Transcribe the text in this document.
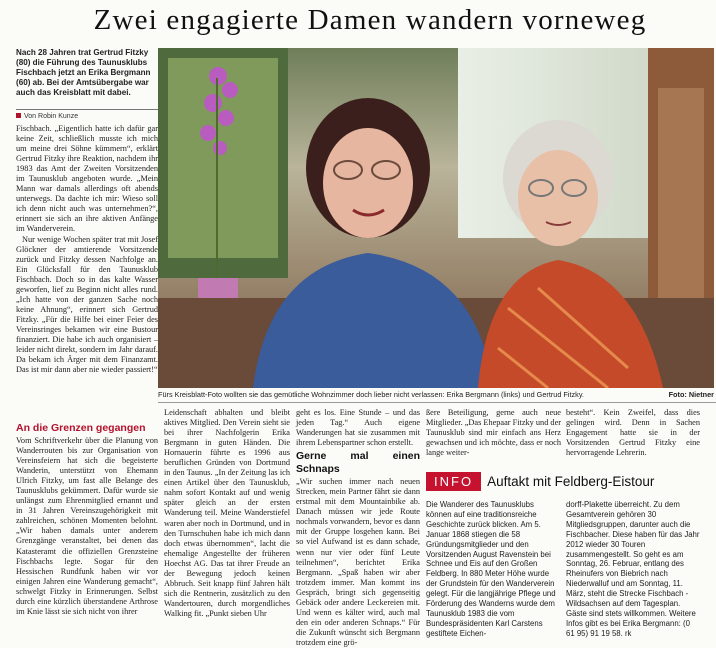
Zwei engagierte Damen wandern vorneweg
Nach 28 Jahren trat Gertrud Fitzky (80) die Führung des Taunusklubs Fischbach jetzt an Erika Bergmann (60) ab. Bei der Amtsübergabe war auch das Kreisblatt mit dabei.
Von Robin Kunze

Fischbach. „Eigentlich hatte ich dafür gar keine Zeit, schließlich musste ich mich um meine drei Söhne kümmern“, erklärt Gertrud Fitzky ihre Reaktion, nachdem ihr 1983 das Amt der Zweiten Vorsitzenden im Taunusklub angeboten wurde. „Mein Mann war damals allerdings oft abends unterwegs. Da dachte ich mir: Wieso soll ich denn nicht auch was unternehmen?“, erinnert sie sich an ihre aktiven Anfänge im Wanderverein.

Nur wenige Wochen später trat mit Josef Glöckner der amtierende Vorsitzende zurück und Fitzky dessen Nachfolge an. Ein Glücksfall für den Taunusklub Fischbach. Doch so in das kalte Wasser geworfen, lief zu Beginn nicht alles rund. „Ich hatte von der ganzen Sache noch keine Ahnung“, erinnert sich Gertrud Fitzky. „Für die Hilfe bei einer Feier des Vereinsringes bekamen wir eine Bustour finanziert. Die habe ich auch organisiert – leider nicht direkt, sondern im Jahr darauf. Da bekam ich Ärger mit dem Finanzamt. Das ist mir dann aber nie wieder passiert!“

Fürs Kreisblatt-Foto wollten sie das gemütliche Wohnzimmer doch lieber nicht verlassen: Erika Bergmann (links) und Gertrud Fitzky.	Foto: Nietner
An die Grenzen gegangen

Vom Schriftverkehr über die Planung von Wanderrouten bis zur Organisation von Vereinsfeiern hat sich die begeisterte Wanderin, unterstützt von Ehemann Ulrich Fitzky, um fast alle Belange des Taunusklubs gekümmert. Dafür wurde sie unlängst zum Ehrenmitglied ernannt und in 31 Jahren Vereinszugehörigkeit mit zahlreichen, schönen Momenten belohnt. „Wir haben damals unter anderem Grenzgänge veranstaltet, bei denen das Katasteramt die offiziellen Grenzsteine Fischbachs legte. Sogar für den Hessischen Rundfunk haben wir vor einigen Jahren eine Wanderung gemacht“, schwelgt Fitzky in Erinnerungen. Selbst durch eine kürzlich überstandene Arthrose im Knie lässt sie sich nicht von ihrer

Leidenschaft abhalten und bleibt aktives Mitglied. Den Verein sieht sie bei ihrer Nachfolgerin Erika Bergmann in guten Händen. Die Hornauerin führte es 1996 aus beruflichen Gründen von Dortmund in den Taunus. „In der Zeitung las ich einen Artikel über den Taunusklub, nahm sofort Kontakt auf und wenig später gleich an der ersten Wanderung teil. Meine Wanderstiefel waren aber noch in Dortmund, und in den Turnschuhen habe ich mich dann doch etwas übernommen“, lacht die ehemalige Angestellte der früheren Hoechst AG. Das tat ihrer Freude an der Bewegung jedoch keinen Abbruch. Seit knapp fünf Jahren hält sich die Rentnerin, zusätzlich zu den Wandertouren, durch morgendliches Walking fit. „Punkt sieben Uhr

geht es los. Eine Stunde – und das jeden Tag.“ Auch eigene Wanderungen hat sie zusammen mit ihrem Lebenspartner schon erstellt.

Gerne mal einen Schnaps

„Wir suchen immer nach neuen Strecken, mein Partner fährt sie dann erstmal mit dem Mountainbike ab. Danach müssen wir jede Route nochmals vorwandern, bevor es dann mit der Gruppe losgehen kann. Bei so viel Aufwand ist es dann schade, wenn nur vier oder fünf Leute teilnehmen“, berichtet Erika Bergmann. „Spaß haben wir aber trotzdem immer. Man kommt ins Gespräch, bringt sich gegenseitig Gebäck oder andere Leckereien mit. Und wenn es kälter wird, auch mal den ein oder anderen Schnaps.“ Für die Zukunft wünscht sich Bergmann trotzdem eine grö-

ßere Beteiligung, gerne auch neue Mitglieder. „Das Ehepaar Fitzky und der Taunusklub sind mir einfach ans Herz gewachsen und ich möchte, dass er noch lange weiter-

besteht“. Kein Zweifel, dass dies gelingen wird. Denn in Sachen Engagement hatte sie in der Vorsitzenden Gertrud Fitzky eine hervorragende Lehrerin.

INFO	Auftakt mit Feldberg-Eistour

Die Wanderer des Taunusklubs können auf eine traditionsreiche Geschichte zurück blicken. Am 5. Januar 1868 stiegen die 58 Gründungsmitglieder und den Vorsitzenden August Ravenstein bei Schnee und Eis auf den Großen Feldberg. In 880 Meter Höhe wurde der Grundstein für den Wanderverein gelegt. Für die langjährige Pflege und Förderung des Wanderns wurde dem Taunusklub 1983 die vom Bundespräsidenten Karl Carstens gestiftete Eichen-

dorff-Plakette überreicht. Zu dem Gesamtverein gehören 30 Mitgliedsgruppen, darunter auch die Fischbacher. Diese haben für das Jahr 2012 wieder 30 Touren zusammengestellt. So geht es am Sonntag, 26. Februar, entlang des Rheinufers von Biebrich nach Niederwalluf und am Sonntag, 11. März, steht die Strecke Fischbach - Wildsachsen auf dem Tagesplan. Gäste sind stets willkommen. Weitere Infos gibt es bei Erika Bergmann: (0 61 95) 91 19 58. rk
